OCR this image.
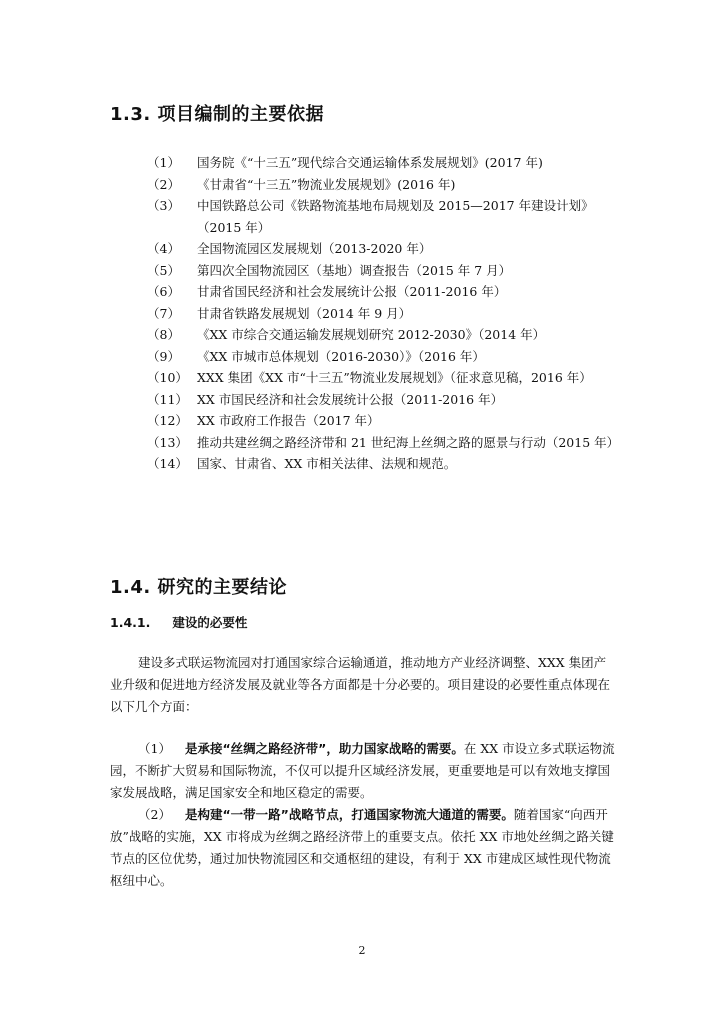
1.3. 项目编制的主要依据
（1）	国务院《“十三五”现代综合交通运输体系发展规划》(2017 年)
（2）	《甘肃省“十三五”物流业发展规划》(2016 年)
（3）	中国铁路总公司《铁路物流基地布局规划及 2015—2017 年建设计划》（2015 年）
（4）	全国物流园区发展规划（2013-2020 年）
（5）	第四次全国物流园区（基地）调查报告（2015 年 7 月）
（6）	甘肃省国民经济和社会发展统计公报（2011-2016 年）
（7）	甘肃省铁路发展规划（2014 年 9 月）
（8）	《XX 市综合交通运输发展规划研究 2012-2030》（2014 年）
（9）	《XX 市城市总体规划（2016-2030）》（2016 年）
（10） XXX 集团《XX 市“十三五”物流业发展规划》（征求意见稿，2016 年）
（11） XX 市国民经济和社会发展统计公报（2011-2016 年）
（12） XX 市政府工作报告（2017 年）
（13） 推动共建丝绸之路经济带和 21 世纪海上丝绸之路的愿景与行动（2015 年）
（14） 国家、甘肃省、XX 市相关法律、法规和规范。
1.4. 研究的主要结论
1.4.1. 建设的必要性

建设多式联运物流园对打通国家综合运输通道，推动地方产业经济调整、XXX 集团产业升级和促进地方经济发展及就业等各方面都是十分必要的。项目建设的必要性重点体现在以下几个方面：

（1） 是承接“丝绸之路经济带”，助力国家战略的需要。在 XX 市设立多式联运物流园，不断扩大贸易和国际物流，不仅可以提升区域经济发展，更重要地是可以有效地支撑国家发展战略，满足国家安全和地区稳定的需要。

（2） 是构建“一带一路”战略节点，打通国家物流大通道的需要。随着国家“向西开放”战略的实施，XX 市将成为丝绸之路经济带上的重要支点。依托 XX 市地处丝绸之路关键节点的区位优势，通过加快物流园区和交通枢纽的建设，有利于 XX 市建成区域性现代物流枢纽中心。

2
